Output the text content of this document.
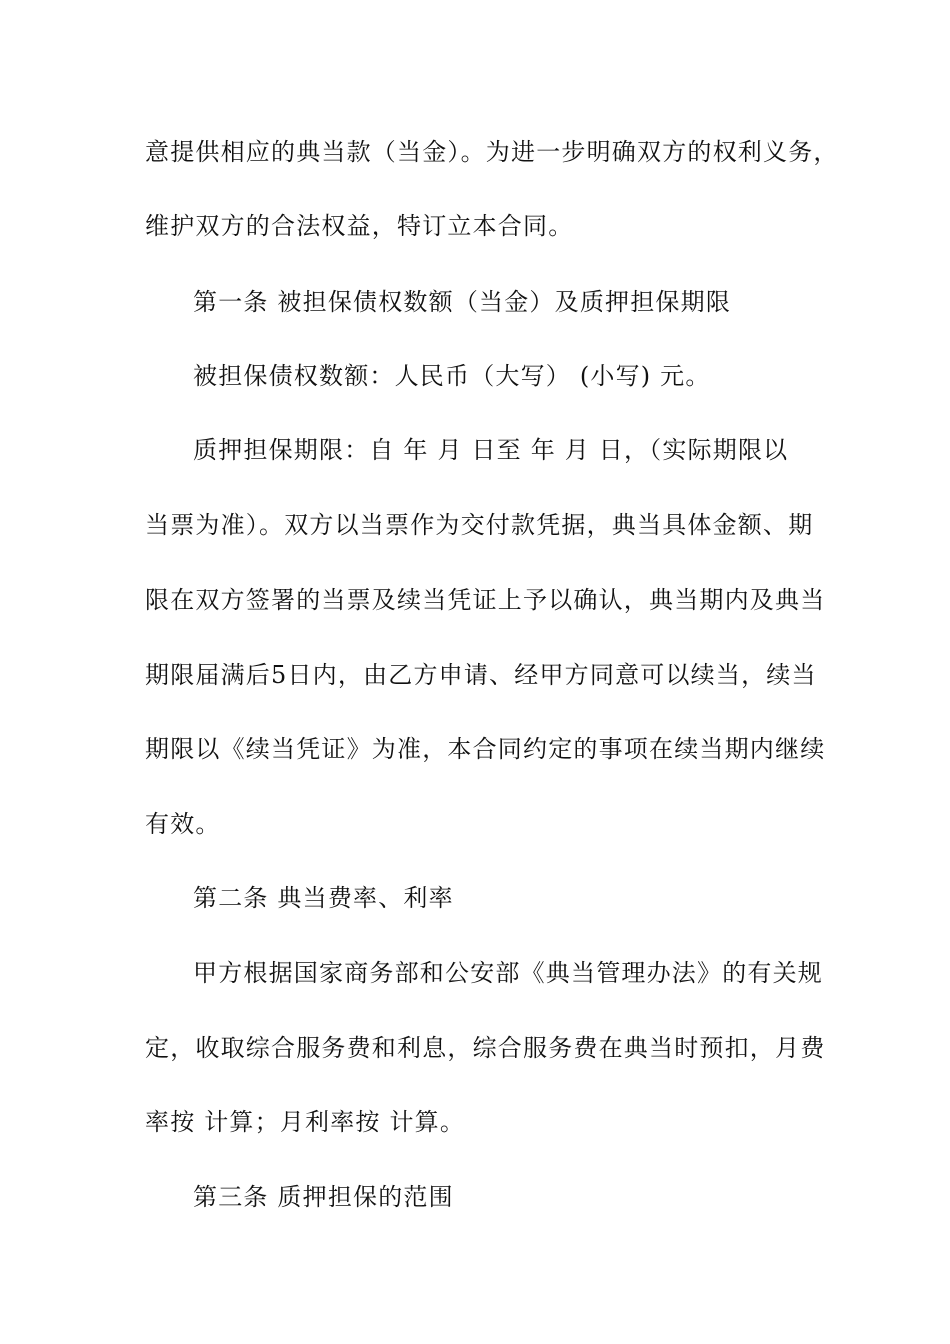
意提供相应的典当款（当金）。为进一步明确双方的权利义务，
维护双方的合法权益，特订立本合同。
第一条 被担保债权数额（当金）及质押担保期限
被担保债权数额：人民币（大写） (小写) 元。
质押担保期限：自 年 月 日至 年 月 日，（实际期限以
当票为准）。双方以当票作为交付款凭据，典当具体金额、期
限在双方签署的当票及续当凭证上予以确认，典当期内及典当
期限届满后5日内，由乙方申请、经甲方同意可以续当，续当
期限以《续当凭证》为准，本合同约定的事项在续当期内继续
有效。
第二条 典当费率、利率
甲方根据国家商务部和公安部《典当管理办法》的有关规
定，收取综合服务费和利息，综合服务费在典当时预扣，月费
率按 计算；月利率按 计算。
第三条 质押担保的范围
